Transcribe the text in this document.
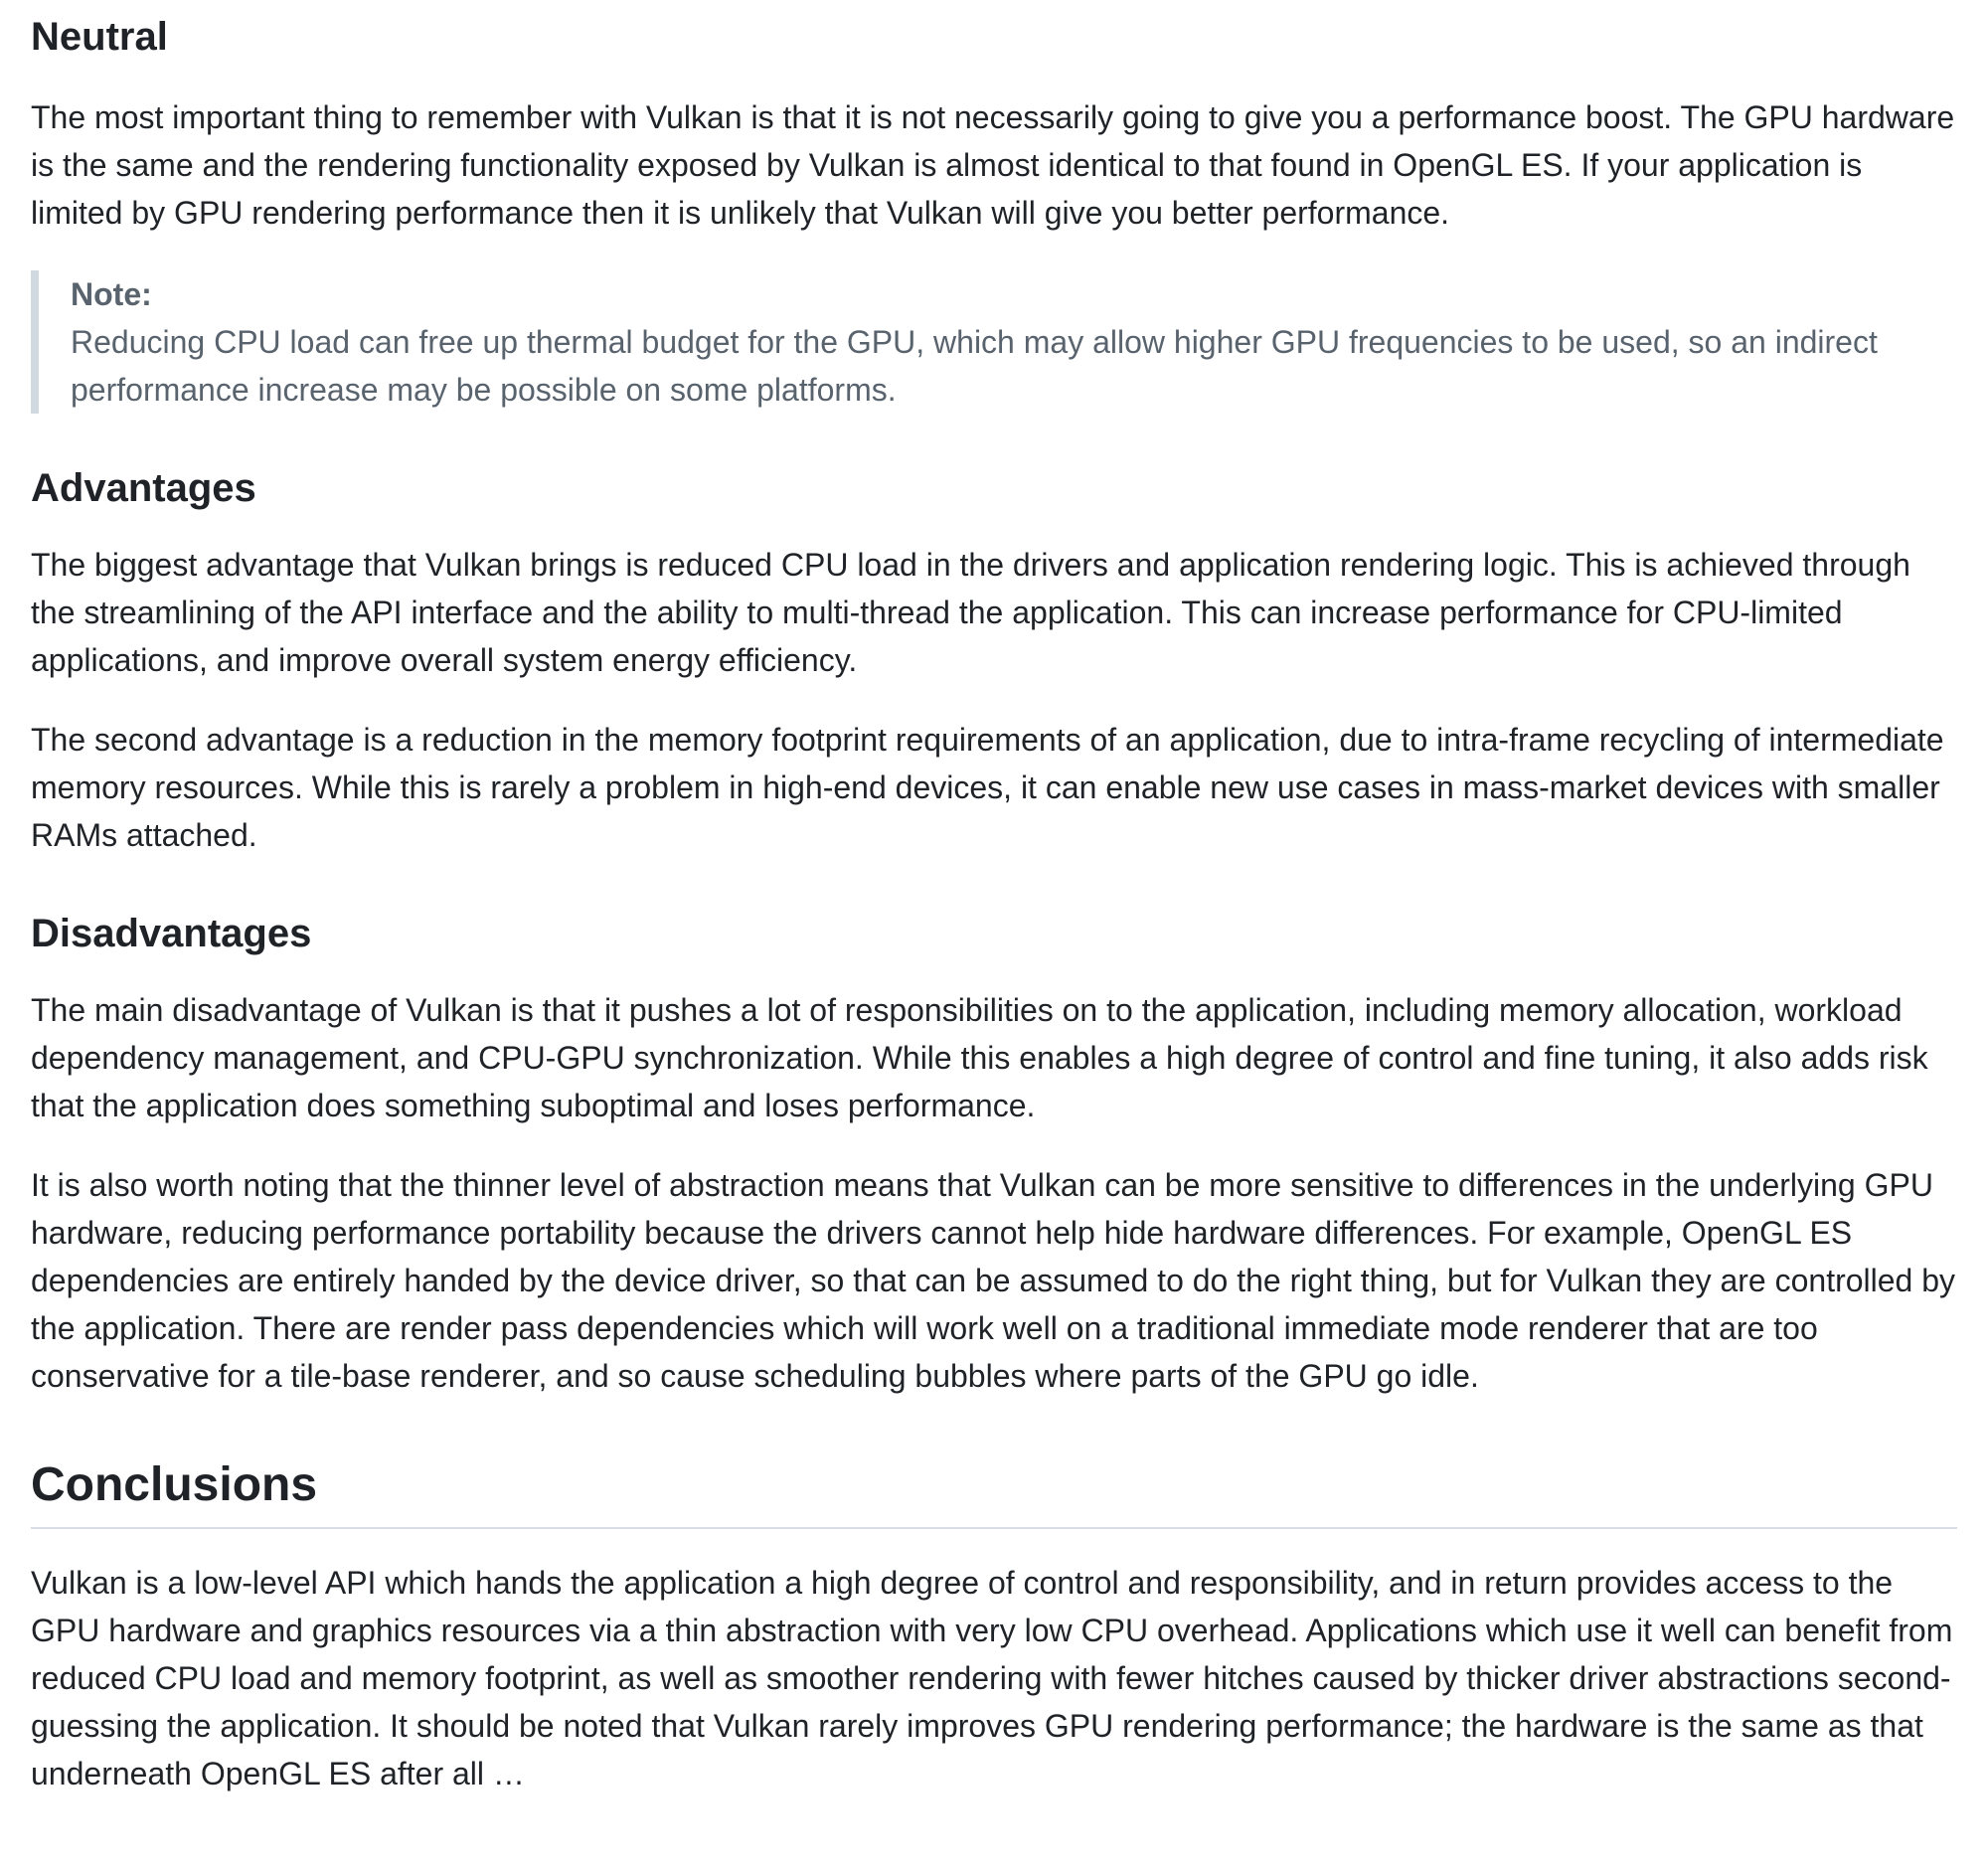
Neutral

The most important thing to remember with Vulkan is that it is not necessarily going to give you a performance boost. The GPU hardware is the same and the rendering functionality exposed by Vulkan is almost identical to that found in OpenGL ES. If your application is limited by GPU rendering performance then it is unlikely that Vulkan will give you better performance.

Note:

Reducing CPU load can free up thermal budget for the GPU, which may allow higher GPU frequencies to be used, so an indirect performance increase may be possible on some platforms.

Advantages

The biggest advantage that Vulkan brings is reduced CPU load in the drivers and application rendering logic. This is achieved through the streamlining of the API interface and the ability to multi-thread the application. This can increase performance for CPU-limited applications, and improve overall system energy efficiency.

The second advantage is a reduction in the memory footprint requirements of an application, due to intra-frame recycling of intermediate memory resources. While this is rarely a problem in high-end devices, it can enable new use cases in mass-market devices with smaller RAMs attached.

Disadvantages

The main disadvantage of Vulkan is that it pushes a lot of responsibilities on to the application, including memory allocation, workload dependency management, and CPU-GPU synchronization. While this enables a high degree of control and fine tuning, it also adds risk that the application does something suboptimal and loses performance.

It is also worth noting that the thinner level of abstraction means that Vulkan can be more sensitive to differences in the underlying GPU hardware, reducing performance portability because the drivers cannot help hide hardware differences. For example, OpenGL ES dependencies are entirely handed by the device driver, so that can be assumed to do the right thing, but for Vulkan they are controlled by the application. There are render pass dependencies which will work well on a traditional immediate mode renderer that are too conservative for a tile-base renderer, and so cause scheduling bubbles where parts of the GPU go idle.

Conclusions

Vulkan is a low-level API which hands the application a high degree of control and responsibility, and in return provides access to the GPU hardware and graphics resources via a thin abstraction with very low CPU overhead. Applications which use it well can benefit from reduced CPU load and memory footprint, as well as smoother rendering with fewer hitches caused by thicker driver abstractions second-guessing the application. It should be noted that Vulkan rarely improves GPU rendering performance; the hardware is the same as that underneath OpenGL ES after all …
